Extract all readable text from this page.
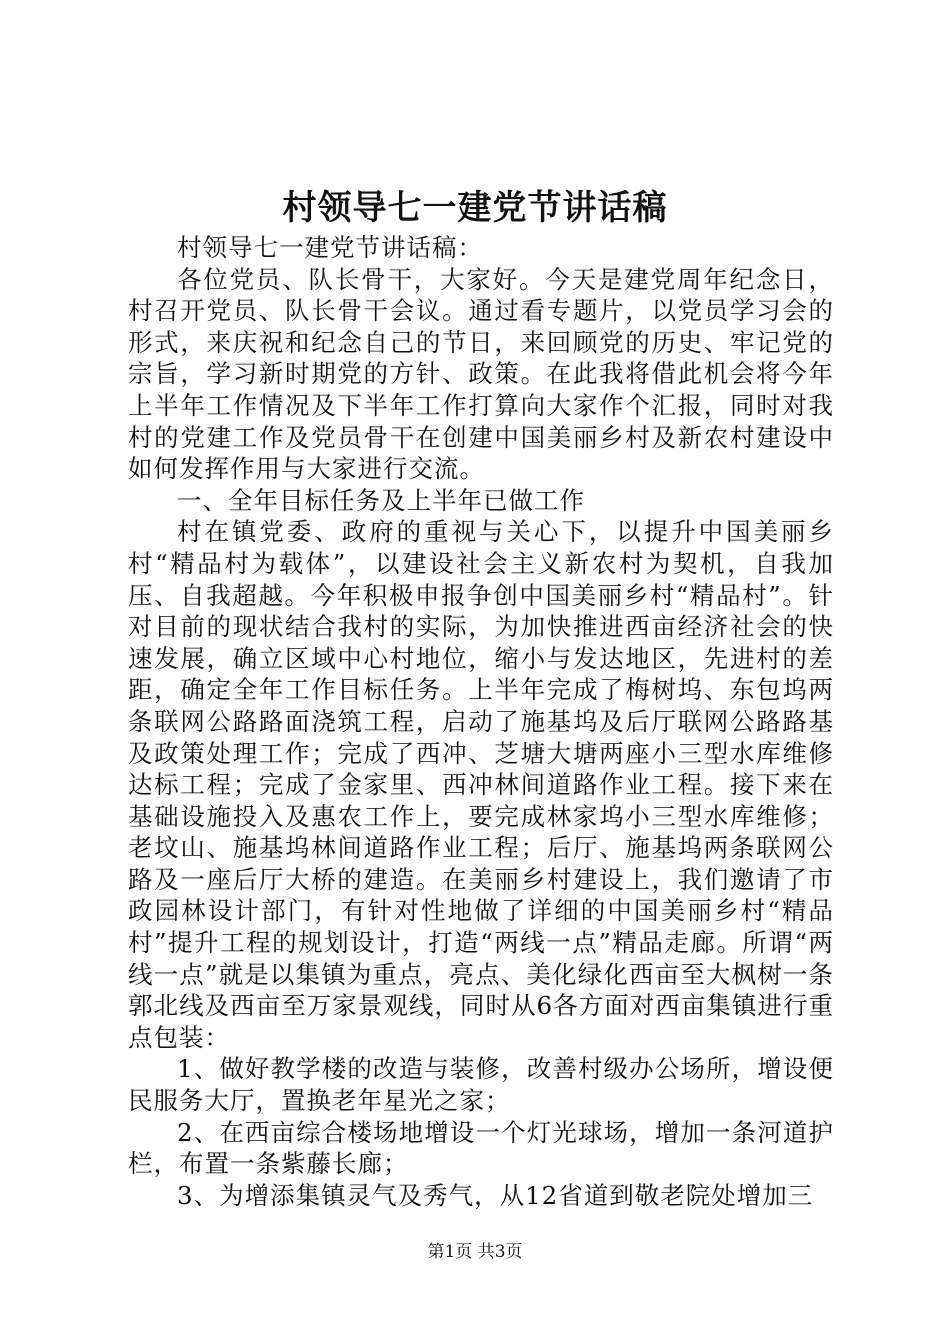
村领导七一建党节讲话稿

村领导七一建党节讲话稿：

各位党员、队长骨干，大家好。今天是建党周年纪念日，村召开党员、队长骨干会议。通过看专题片，以党员学习会的形式，来庆祝和纪念自己的节日，来回顾党的历史、牢记党的宗旨，学习新时期党的方针、政策。在此我将借此机会将今年上半年工作情况及下半年工作打算向大家作个汇报，同时对我村的党建工作及党员骨干在创建中国美丽乡村及新农村建设中如何发挥作用与大家进行交流。

一、全年目标任务及上半年已做工作

村在镇党委、政府的重视与关心下，以提升中国美丽乡村“精品村为载体”，以建设社会主义新农村为契机，自我加压、自我超越。今年积极申报争创中国美丽乡村“精品村”。针对目前的现状结合我村的实际，为加快推进西亩经济社会的快速发展，确立区域中心村地位，缩小与发达地区，先进村的差距，确定全年工作目标任务。上半年完成了梅树坞、东包坞两条联网公路路面浇筑工程，启动了施基坞及后厅联网公路路基及政策处理工作；完成了西冲、芝塘大塘两座小三型水库维修达标工程；完成了金家里、西冲林间道路作业工程。接下来在基础设施投入及惠农工作上，要完成林家坞小三型水库维修；老坟山、施基坞林间道路作业工程；后厅、施基坞两条联网公路及一座后厅大桥的建造。在美丽乡村建设上，我们邀请了市政园林设计部门，有针对性地做了详细的中国美丽乡村“精品村”提升工程的规划设计，打造“两线一点”精品走廊。所谓“两线一点”就是以集镇为重点，亮点、美化绿化西亩至大枫树一条郭北线及西亩至万家景观线，同时从6各方面对西亩集镇进行重点包装：

1、做好教学楼的改造与装修，改善村级办公场所，增设便民服务大厅，置换老年星光之家；

2、在西亩综合楼场地增设一个灯光球场，增加一条河道护栏，布置一条紫藤长廊；

3、为增添集镇灵气及秀气，从12省道到敬老院处增加三

第1页 共3页
